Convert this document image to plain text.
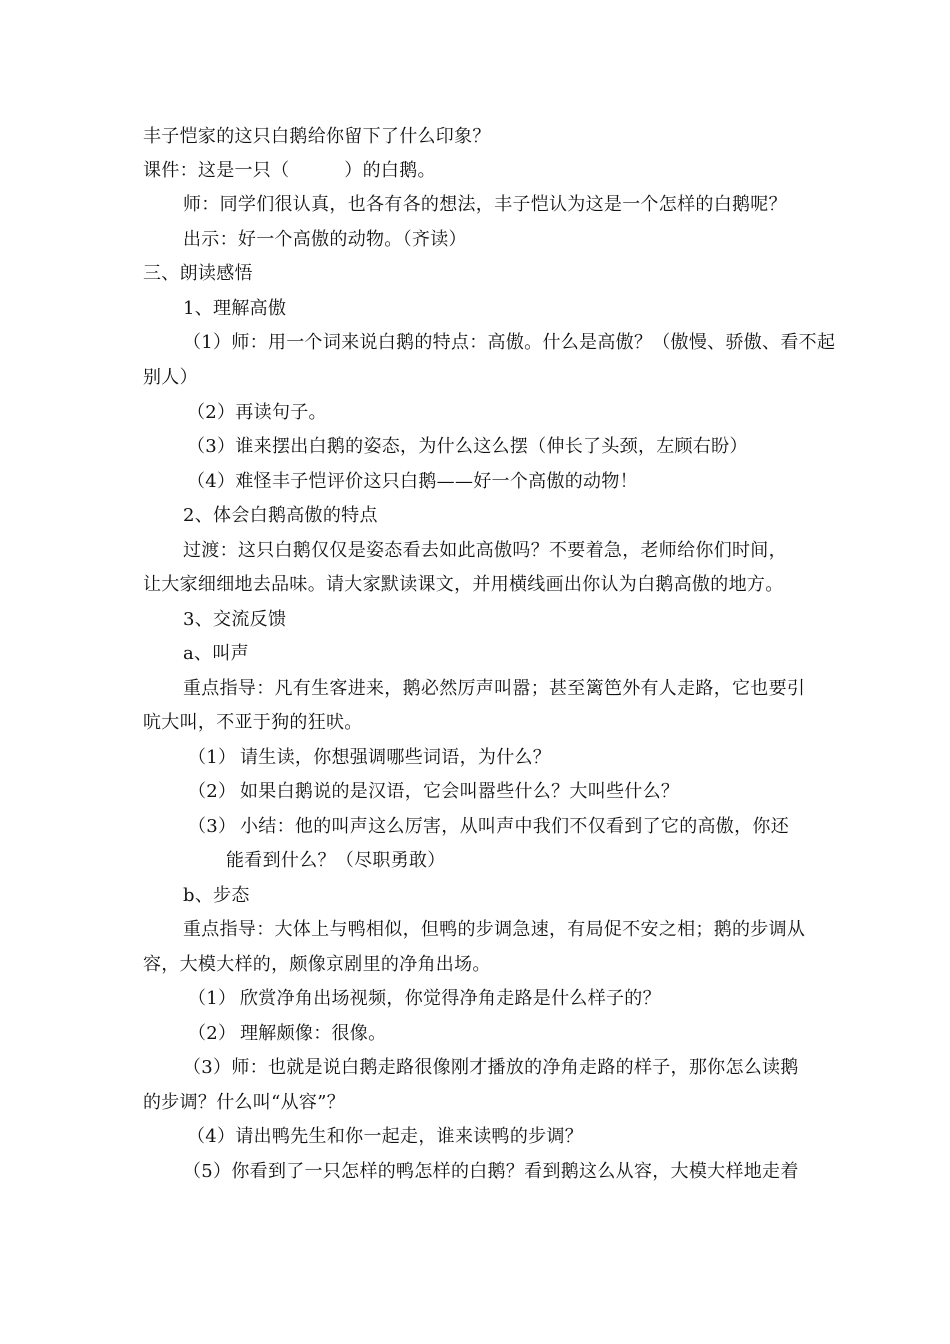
丰子恺家的这只白鹅给你留下了什么印象？
课件：这是一只（　　　）的白鹅。
师：同学们很认真，也各有各的想法，丰子恺认为这是一个怎样的白鹅呢？
出示：好一个高傲的动物。（齐读）
三、朗读感悟
1、理解高傲
（1）师：用一个词来说白鹅的特点：高傲。什么是高傲？（傲慢、骄傲、看不起
别人）
（2）再读句子。
（3）谁来摆出白鹅的姿态，为什么这么摆（伸长了头颈，左顾右盼）
（4）难怪丰子恺评价这只白鹅——好一个高傲的动物！
2、体会白鹅高傲的特点
过渡：这只白鹅仅仅是姿态看去如此高傲吗？不要着急，老师给你们时间，
让大家细细地去品味。请大家默读课文，并用横线画出你认为白鹅高傲的地方。
3、交流反馈
a、叫声
重点指导：凡有生客进来，鹅必然厉声叫嚣；甚至篱笆外有人走路，它也要引
吭大叫，不亚于狗的狂吠。
（1） 请生读，你想强调哪些词语，为什么？
（2） 如果白鹅说的是汉语，它会叫嚣些什么？大叫些什么？
（3） 小结：他的叫声这么厉害，从叫声中我们不仅看到了它的高傲，你还
能看到什么？（尽职勇敢）
b、步态
重点指导：大体上与鸭相似，但鸭的步调急速，有局促不安之相；鹅的步调从
容，大模大样的，颇像京剧里的净角出场。
（1） 欣赏净角出场视频，你觉得净角走路是什么样子的？
（2） 理解颇像：很像。
（3）师：也就是说白鹅走路很像刚才播放的净角走路的样子，那你怎么读鹅
的步调？什么叫“从容”？
（4）请出鸭先生和你一起走，谁来读鸭的步调？
（5）你看到了一只怎样的鸭怎样的白鹅？看到鹅这么从容，大模大样地走着
